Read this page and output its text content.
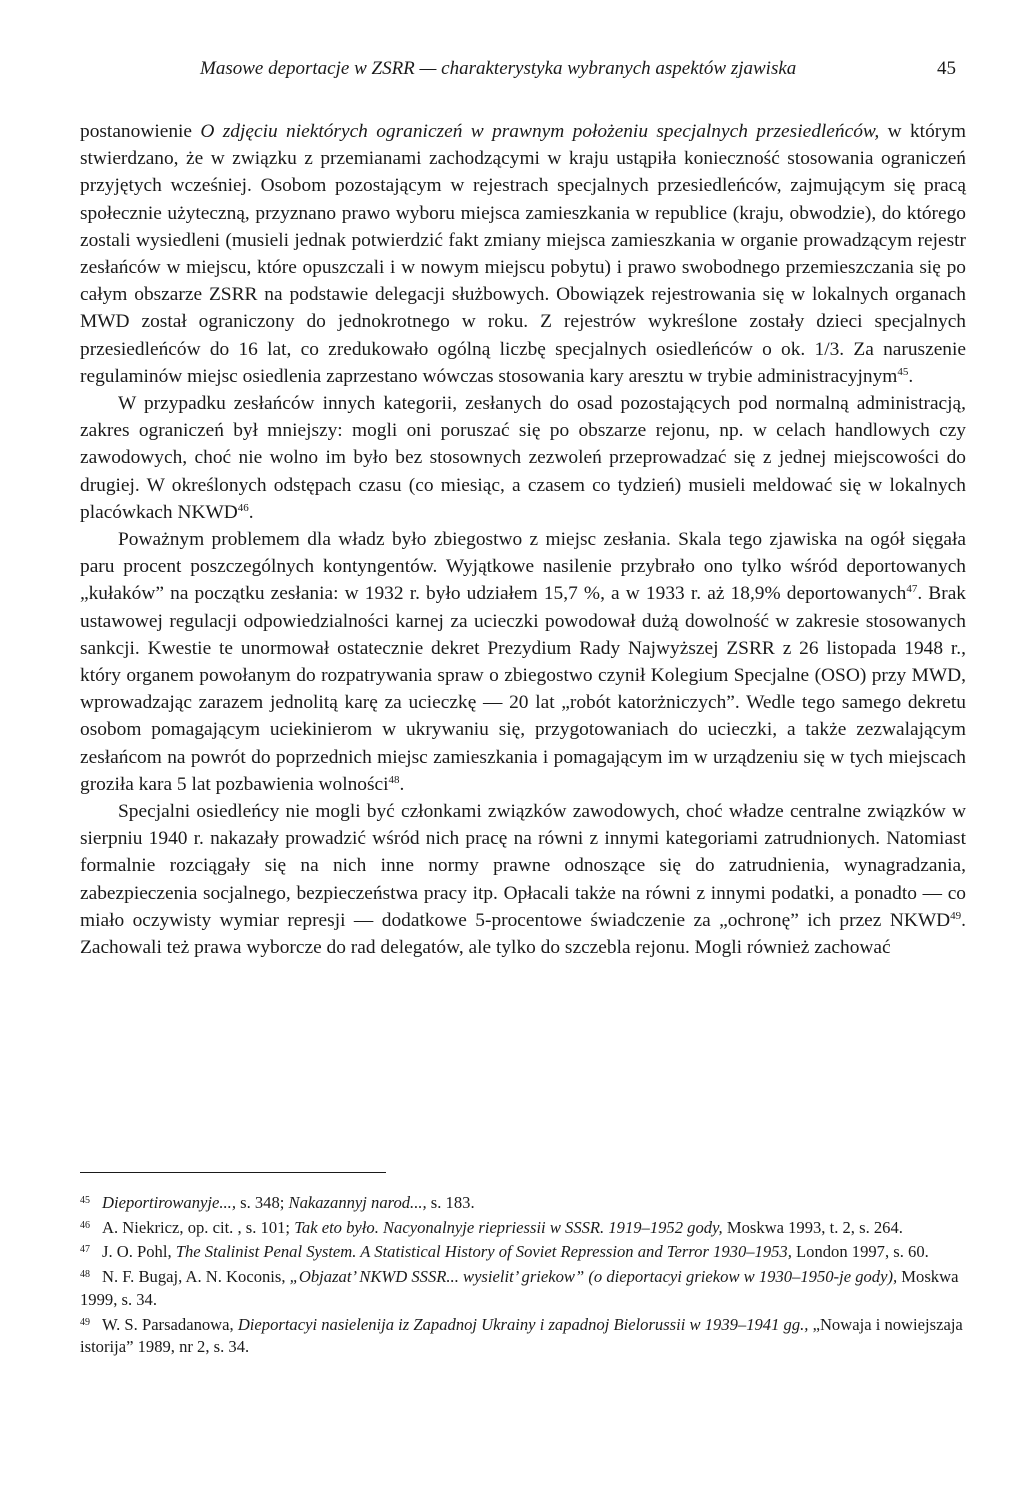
Masowe deportacje w ZSRR — charakterystyka wybranych aspektów zjawiska	45

postanowienie O zdjęciu niektórych ograniczeń w prawnym położeniu specjalnych przesiedleńców, w którym stwierdzano, że w związku z przemianami zachodzącymi w kraju ustąpiła konieczność stosowania ograniczeń przyjętych wcześniej. Osobom pozostającym w rejestrach specjalnych przesiedleńców, zajmującym się pracą społecznie użyteczną, przyznano prawo wyboru miejsca zamieszkania w republice (kraju, obwodzie), do którego zostali wysiedleni (musieli jednak potwierdzić fakt zmiany miejsca zamieszkania w organie prowadzącym rejestr zesłańców w miejscu, które opuszczali i w nowym miejscu pobytu) i prawo swobodnego przemieszczania się po całym obszarze ZSRR na podstawie delegacji służbowych. Obowiązek rejestrowania się w lokalnych organach MWD został ograniczony do jednokrotnego w roku. Z rejestrów wykreślone zostały dzieci specjalnych przesiedleńców do 16 lat, co zredukowało ogólną liczbę specjalnych osiedleńców o ok. 1/3. Za naruszenie regulaminów miejsc osiedlenia zaprzestano wówczas stosowania kary aresztu w trybie administracyjnym$^{45}$.

W przypadku zesłańców innych kategorii, zesłanych do osad pozostających pod normalną administracją, zakres ograniczeń był mniejszy: mogli oni poruszać się po obszarze rejonu, np. w celach handlowych czy zawodowych, choć nie wolno im było bez stosownych zezwoleń przeprowadzać się z jednej miejscowości do drugiej. W określonych odstępach czasu (co miesiąc, a czasem co tydzień) musieli meldować się w lokalnych placówkach NKWD$^{46}$.

Poważnym problemem dla władz było zbiegostwo z miejsc zesłania. Skala tego zjawiska na ogół sięgała paru procent poszczególnych kontyngentów. Wyjątkowe nasilenie przybrało ono tylko wśród deportowanych „kułaków” na początku zesłania: w 1932 r. było udziałem 15,7 %, a w 1933 r. aż 18,9% deportowanych$^{47}$. Brak ustawowej regulacji odpowiedzialności karnej za ucieczki powodował dużą dowolność w zakresie stosowanych sankcji. Kwestie te unormował ostatecznie dekret Prezydium Rady Najwyższej ZSRR z 26 listopada 1948 r., który organem powołanym do rozpatrywania spraw o zbiegostwo czynił Kolegium Specjalne (OSO) przy MWD, wprowadzając zarazem jednolitą karę za ucieczkę — 20 lat „robót katorżniczych”. Wedle tego samego dekretu osobom pomagającym uciekinierom w ukrywaniu się, przygotowaniach do ucieczki, a także zezwalającym zesłańcom na powrót do poprzednich miejsc zamieszkania i pomagającym im w urządzeniu się w tych miejscach groziła kara 5 lat pozbawienia wolności$^{48}$.

Specjalni osiedleńcy nie mogli być członkami związków zawodowych, choć władze centralne związków w sierpniu 1940 r. nakazały prowadzić wśród nich pracę na równi z innymi kategoriami zatrudnionych. Natomiast formalnie rozciągały się na nich inne normy prawne odnoszące się do zatrudnienia, wynagradzania, zabezpieczenia socjalnego, bezpieczeństwa pracy itp. Opłacali także na równi z innymi podatki, a ponadto — co miało oczywisty wymiar represji — dodatkowe 5-procentowe świadczenie za „ochronę” ich przez NKWD$^{49}$. Zachowali też prawa wyborcze do rad delegatów, ale tylko do szczebla rejonu. Mogli również zachować

$^{45}$ Dieportirowanyje..., s. 348; Nakazannyj narod..., s. 183.
$^{46}$ A. Niekricz, op. cit. , s. 101; Tak eto było. Nacyonalnyje riepriessii w SSSR. 1919–1952 gody, Moskwa 1993, t. 2, s. 264.
$^{47}$ J. O. Pohl, The Stalinist Penal System. A Statistical History of Soviet Repression and Terror 1930–1953, London 1997, s. 60.
$^{48}$ N. F. Bugaj, A. N. Koconis, „Objazat’ NKWD SSSR... wysielit’ griekow” (o dieportacyi griekow w 1930–1950-je gody), Moskwa 1999, s. 34.
$^{49}$ W. S. Parsadanowa, Dieportacyi nasielenija iz Zapadnoj Ukrainy i zapadnoj Bielorussii w 1939–1941 gg., „Nowaja i nowiejszaja istorija” 1989, nr 2, s. 34.
